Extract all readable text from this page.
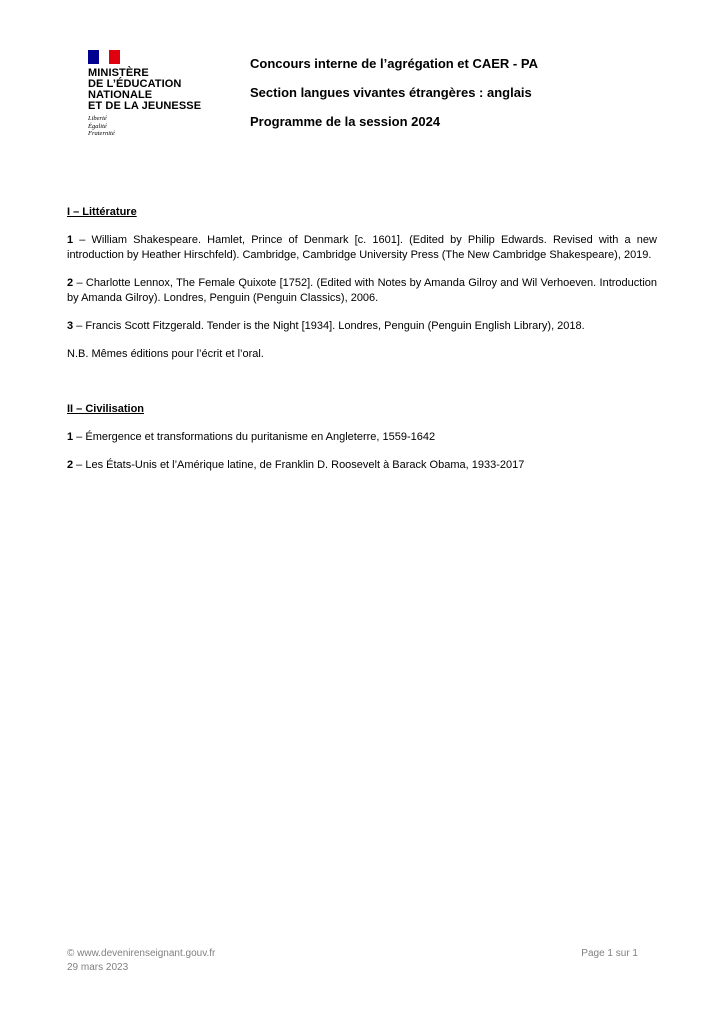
MINISTÈRE
DE L’ÉDUCATION
NATIONALE
ET DE LA JEUNESSE
Liberté
Égalité
Fraternité

Concours interne de l’agrégation et CAER - PA

Section langues vivantes étrangères : anglais

Programme de la session 2024

I – Littérature

1 – William Shakespeare. Hamlet, Prince of Denmark [c. 1601]. (Edited by Philip Edwards. Revised with a new introduction by Heather Hirschfeld). Cambridge, Cambridge University Press (The New Cambridge Shakespeare), 2019.

2 – Charlotte Lennox, The Female Quixote [1752]. (Edited with Notes by Amanda Gilroy and Wil Verhoeven. Introduction by Amanda Gilroy). Londres, Penguin (Penguin Classics), 2006.

3 – Francis Scott Fitzgerald. Tender is the Night [1934]. Londres, Penguin (Penguin English Library), 2018.

N.B. Mêmes éditions pour l’écrit et l’oral.

II – Civilisation

1 – Émergence et transformations du puritanisme en Angleterre, 1559-1642

2 – Les États-Unis et l’Amérique latine, de Franklin D. Roosevelt à Barack Obama, 1933-2017

© www.devenirenseignant.gouv.fr
29 mars 2023
Page 1 sur 1
